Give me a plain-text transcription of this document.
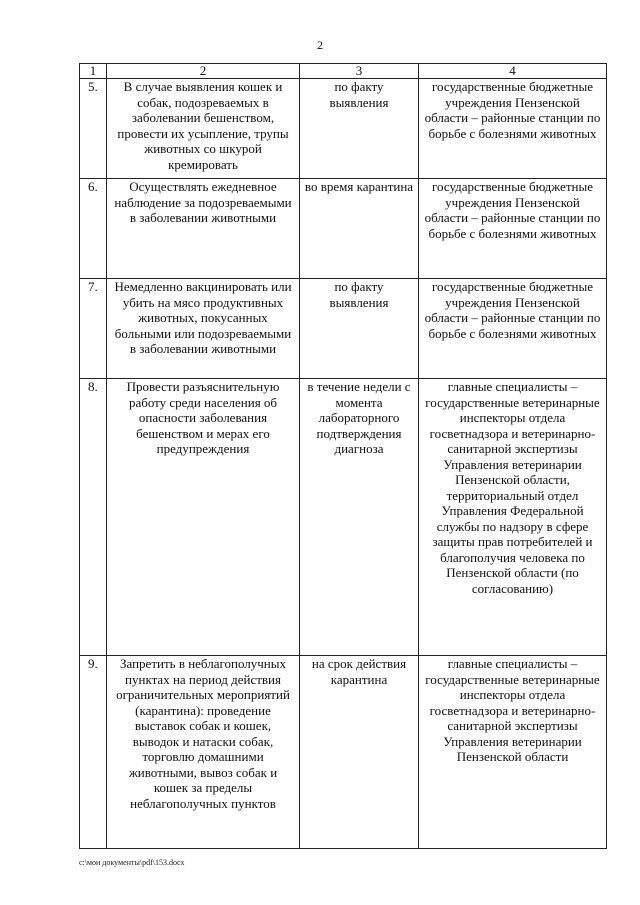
2
1	2	3	4
5.	В случае выявления кошек и собак, подозреваемых в заболевании бешенством, провести их усыпление, трупы животных со шкурой кремировать	по факту выявления	государственные бюджетные учреждения Пензенской области – районные станции по борьбе с болезнями животных
6.	Осуществлять ежедневное наблюдение за подозреваемыми в заболевании животными	во время карантина	государственные бюджетные учреждения Пензенской области – районные станции по борьбе с болезнями животных
7.	Немедленно вакцинировать или убить на мясо продуктивных животных, покусанных больными или подозреваемыми в заболевании животными	по факту выявления	государственные бюджетные учреждения Пензенской области – районные станции по борьбе с болезнями животных
8.	Провести разъяснительную работу среди населения об опасности заболевания бешенством и мерах его предупреждения	в течение недели с момента лабораторного подтверждения диагноза	главные специалисты – государственные ветеринарные инспекторы отдела госветнадзора и ветеринарно-санитарной экспертизы Управления ветеринарии Пензенской области, территориальный отдел Управления Федеральной службы по надзору в сфере защиты прав потребителей и благополучия человека по Пензенской области (по согласованию)
9.	Запретить в неблагополучных пунктах на период действия ограничительных мероприятий (карантина): проведение выставок собак и кошек, выводок и натаски собак, торговлю домашними животными, вывоз собак и кошек за пределы неблагополучных пунктов	на срок действия карантина	главные специалисты – государственные ветеринарные инспекторы отдела госветнадзора и ветеринарно-санитарной экспертизы Управления ветеринарии Пензенской области
c:\мои документы\pdf\153.docx
